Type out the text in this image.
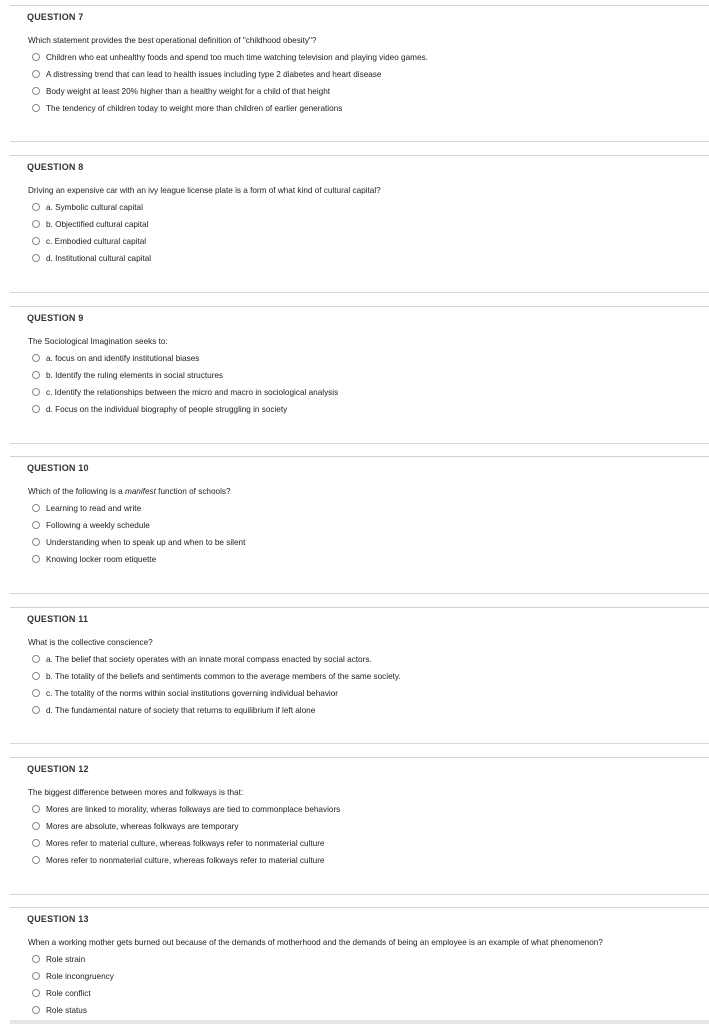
QUESTION 7
Which statement provides the best operational definition of "childhood obesity"?
Children who eat unhealthy foods and spend too much time watching television and playing video games.
A distressing trend that can lead to health issues including type 2 diabetes and heart disease
Body weight at least 20% higher than a healthy weight for a child of that height
The tendency of children today to weight more than children of earlier generations
QUESTION 8
Driving an expensive car with an ivy league license plate is a form of what kind of cultural capital?
a. Symbolic cultural capital
b. Objectified cultural capital
c. Embodied cultural capital
d. Institutional cultural capital
QUESTION 9
The Sociological Imagination seeks to:
a. focus on and identify institutional biases
b. Identify the ruling elements in social structures
c. Identify the relationships between the micro and macro in sociological analysis
d. Focus on the individual biography of people struggling in society
QUESTION 10
Which of the following is a manifest function of schools?
Learning to read and write
Following a weekly schedule
Understanding when to speak up and when to be silent
Knowing locker room etiquette
QUESTION 11
What is the collective conscience?
a. The belief that society operates with an innate moral compass enacted by social actors.
b. The totality of the beliefs and sentiments common to the average members of the same society.
c. The totality of the norms within social institutions governing individual behavior
d. The fundamental nature of society that returns to equilibrium if left alone
QUESTION 12
The biggest difference between mores and folkways is that:
Mores are linked to morality, wheras folkways are tied to commonplace behaviors
Mores are absolute, whereas folkways are temporary
Mores refer to material culture, whereas folkways refer to nonmaterial culture
Mores refer to nonmaterial culture, whereas folkways refer to material culture
QUESTION 13
When a working mother gets burned out because of the demands of motherhood and the demands of being an employee is an example of what phenomenon?
Role strain
Role incongruency
Role conflict
Role status
